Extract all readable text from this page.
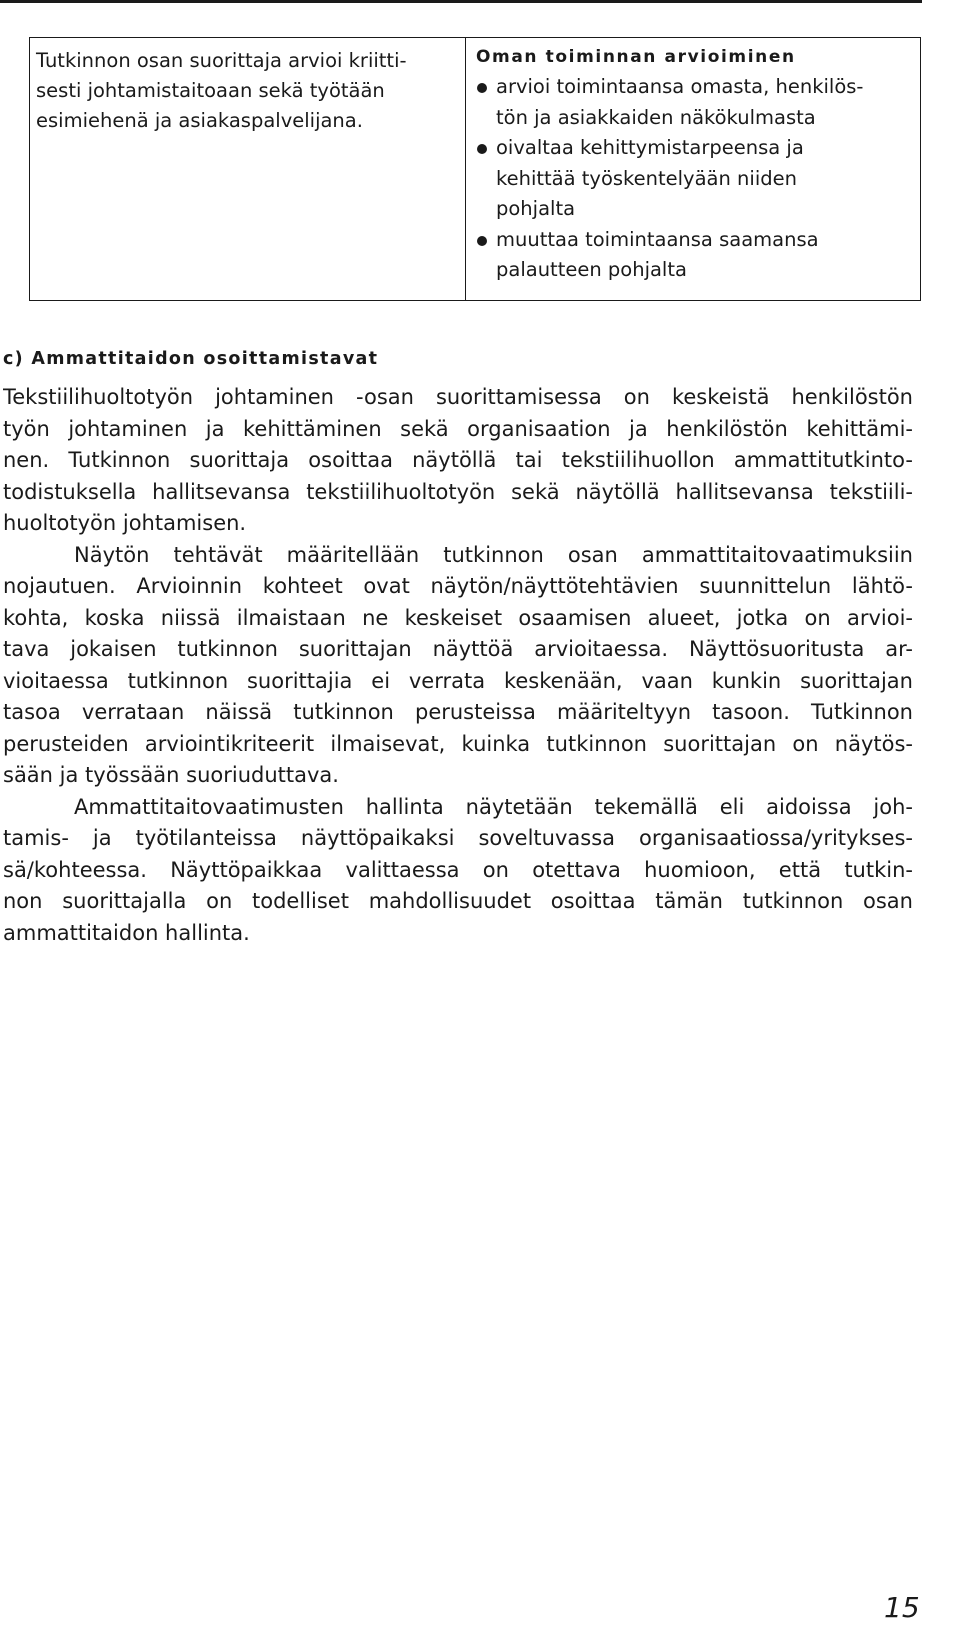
Tutkinnon osan suorittaja arvioi kriitti-
sesti johtamistaitoaan sekä työtään
esimiehenä ja asiakaspalvelijana.
Oman toiminnan arvioiminen
arvioi toimintaansa omasta, henkilös-
tön ja asiakkaiden näkökulmasta
oivaltaa kehittymistarpeensa ja
kehittää työskentelyään niiden
pohjalta
muuttaa toimintaansa saamansa
palautteen pohjalta
c) Ammattitaidon osoittamistavat
Tekstiilihuoltotyön johtaminen -osan suorittamisessa on keskeistä henkilöstön
työn johtaminen ja kehittäminen sekä organisaation ja henkilöstön kehittämi-
nen. Tutkinnon suorittaja osoittaa näytöllä tai tekstiilihuollon ammattitutkinto-
todistuksella hallitsevansa tekstiilihuoltotyön sekä näytöllä hallitsevansa tekstiili-
huoltotyön johtamisen.
Näytön tehtävät määritellään tutkinnon osan ammattitaitovaatimuksiin
nojautuen. Arvioinnin kohteet ovat näytön/näyttötehtävien suunnittelun lähtö-
kohta, koska niissä ilmaistaan ne keskeiset osaamisen alueet, jotka on arvioi-
tava jokaisen tutkinnon suorittajan näyttöä arvioitaessa. Näyttösuoritusta ar-
vioitaessa tutkinnon suorittajia ei verrata keskenään, vaan kunkin suorittajan
tasoa verrataan näissä tutkinnon perusteissa määriteltyyn tasoon. Tutkinnon
perusteiden arviointikriteerit ilmaisevat, kuinka tutkinnon suorittajan on näytös-
sään ja työssään suoriuduttava.
Ammattitaitovaatimusten hallinta näytetään tekemällä eli aidoissa joh-
tamis- ja työtilanteissa näyttöpaikaksi soveltuvassa organisaatiossa/yritykses-
sä/kohteessa. Näyttöpaikkaa valittaessa on otettava huomioon, että tutkin-
non suorittajalla on todelliset mahdollisuudet osoittaa tämän tutkinnon osan
ammattitaidon hallinta.
15
